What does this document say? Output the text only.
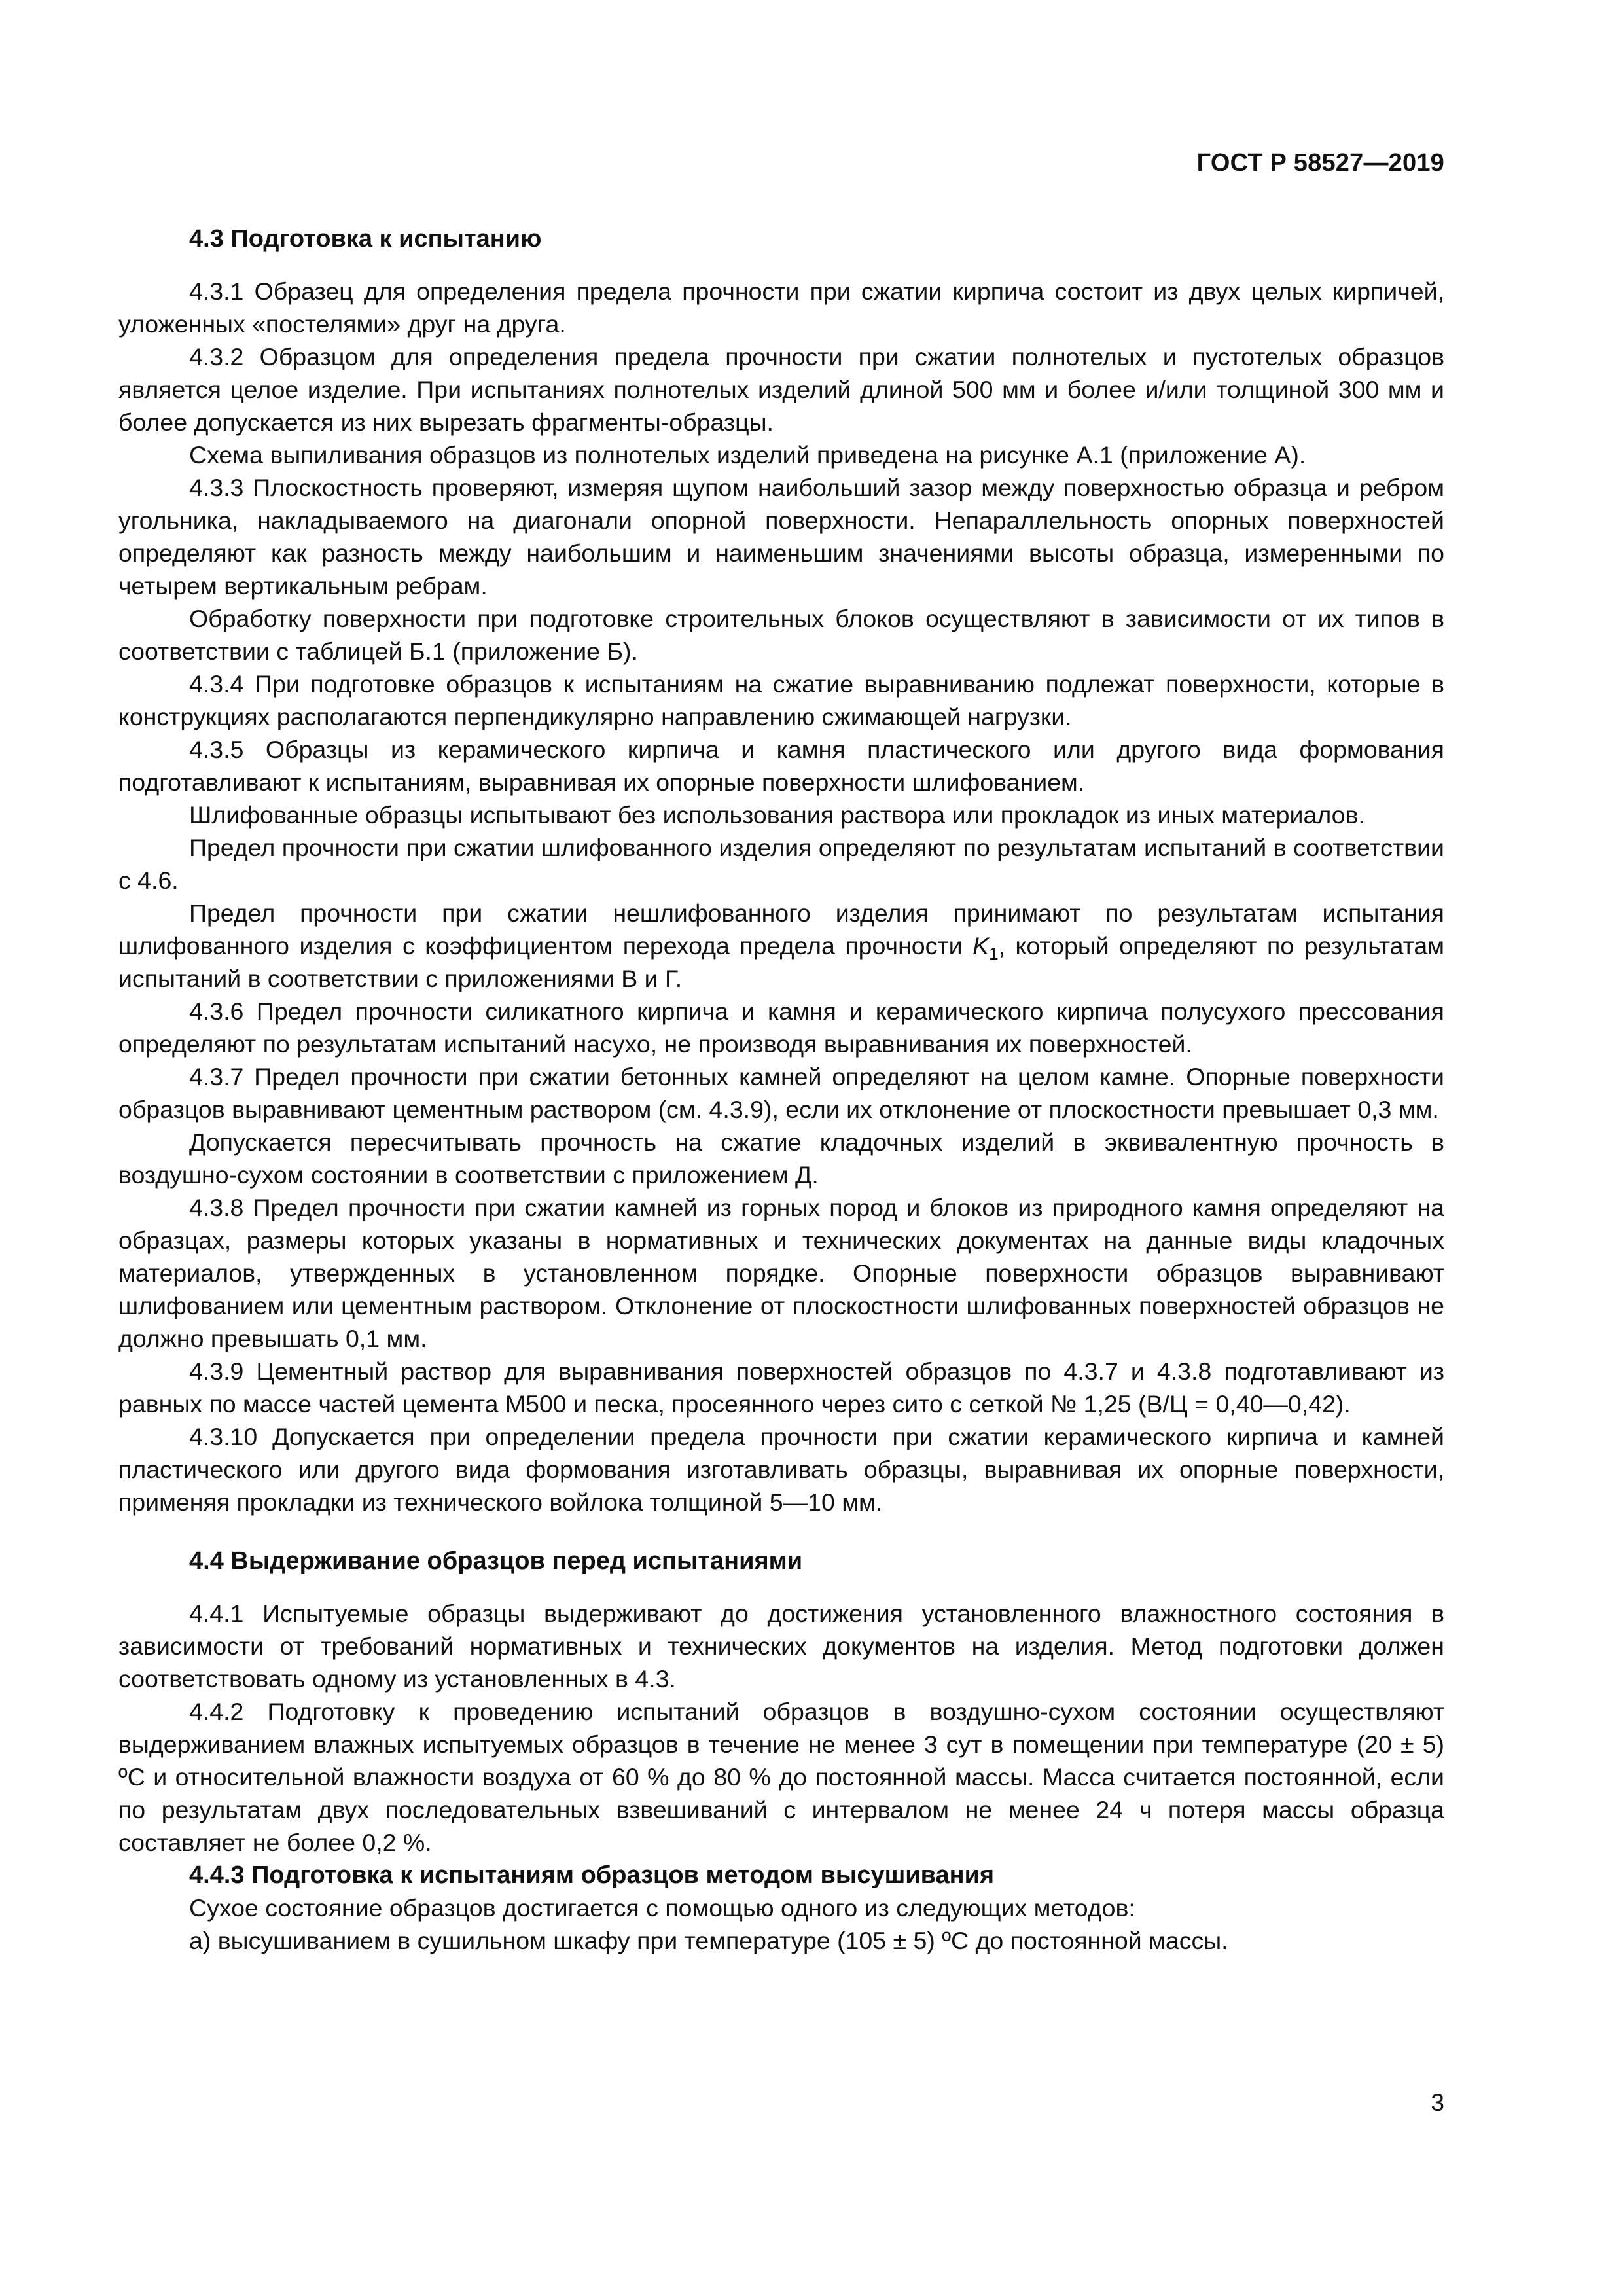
ГОСТ Р 58527—2019
4.3 Подготовка к испытанию

4.3.1 Образец для определения предела прочности при сжатии кирпича состоит из двух целых кирпичей, уложенных «постелями» друг на друга.

4.3.2 Образцом для определения предела прочности при сжатии полнотелых и пустотелых образцов является целое изделие. При испытаниях полнотелых изделий длиной 500 мм и более и/или толщиной 300 мм и более допускается из них вырезать фрагменты-образцы.

Схема выпиливания образцов из полнотелых изделий приведена на рисунке А.1 (приложение А).

4.3.3 Плоскостность проверяют, измеряя щупом наибольший зазор между поверхностью образца и ребром угольника, накладываемого на диагонали опорной поверхности. Непараллельность опорных поверхностей определяют как разность между наибольшим и наименьшим значениями высоты образца, измеренными по четырем вертикальным ребрам.

Обработку поверхности при подготовке строительных блоков осуществляют в зависимости от их типов в соответствии с таблицей Б.1 (приложение Б).

4.3.4 При подготовке образцов к испытаниям на сжатие выравниванию подлежат поверхности, которые в конструкциях располагаются перпендикулярно направлению сжимающей нагрузки.

4.3.5 Образцы из керамического кирпича и камня пластического или другого вида формования подготавливают к испытаниям, выравнивая их опорные поверхности шлифованием.

Шлифованные образцы испытывают без использования раствора или прокладок из иных материалов.

Предел прочности при сжатии шлифованного изделия определяют по результатам испытаний в соответствии с 4.6.

Предел прочности при сжатии нешлифованного изделия принимают по результатам испытания шлифованного изделия с коэффициентом перехода предела прочности $K_1$, который определяют по результатам испытаний в соответствии с приложениями В и Г.

4.3.6 Предел прочности силикатного кирпича и камня и керамического кирпича полусухого прессования определяют по результатам испытаний насухо, не производя выравнивания их поверхностей.

4.3.7 Предел прочности при сжатии бетонных камней определяют на целом камне. Опорные поверхности образцов выравнивают цементным раствором (см. 4.3.9), если их отклонение от плоскостности превышает 0,3 мм.

Допускается пересчитывать прочность на сжатие кладочных изделий в эквивалентную прочность в воздушно-сухом состоянии в соответствии с приложением Д.

4.3.8 Предел прочности при сжатии камней из горных пород и блоков из природного камня определяют на образцах, размеры которых указаны в нормативных и технических документах на данные виды кладочных материалов, утвержденных в установленном порядке. Опорные поверхности образцов выравнивают шлифованием или цементным раствором. Отклонение от плоскостности шлифованных поверхностей образцов не должно превышать 0,1 мм.

4.3.9 Цементный раствор для выравнивания поверхностей образцов по 4.3.7 и 4.3.8 подготавливают из равных по массе частей цемента М500 и песка, просеянного через сито с сеткой № 1,25 (В/Ц = 0,40—0,42).

4.3.10 Допускается при определении предела прочности при сжатии керамического кирпича и камней пластического или другого вида формования изготавливать образцы, выравнивая их опорные поверхности, применяя прокладки из технического войлока толщиной 5—10 мм.

4.4 Выдерживание образцов перед испытаниями

4.4.1 Испытуемые образцы выдерживают до достижения установленного влажностного состояния в зависимости от требований нормативных и технических документов на изделия. Метод подготовки должен соответствовать одному из установленных в 4.3.

4.4.2 Подготовку к проведению испытаний образцов в воздушно-сухом состоянии осуществляют выдерживанием влажных испытуемых образцов в течение не менее 3 сут в помещении при температуре (20 ± 5) ºС и относительной влажности воздуха от 60 % до 80 % до постоянной массы. Масса считается постоянной, если по результатам двух последовательных взвешиваний с интервалом не менее 24 ч потеря массы образца составляет не более 0,2 %.

4.4.3 Подготовка к испытаниям образцов методом высушивания

Сухое состояние образцов достигается с помощью одного из следующих методов:

а) высушиванием в сушильном шкафу при температуре (105 ± 5) ºС до постоянной массы.

3
